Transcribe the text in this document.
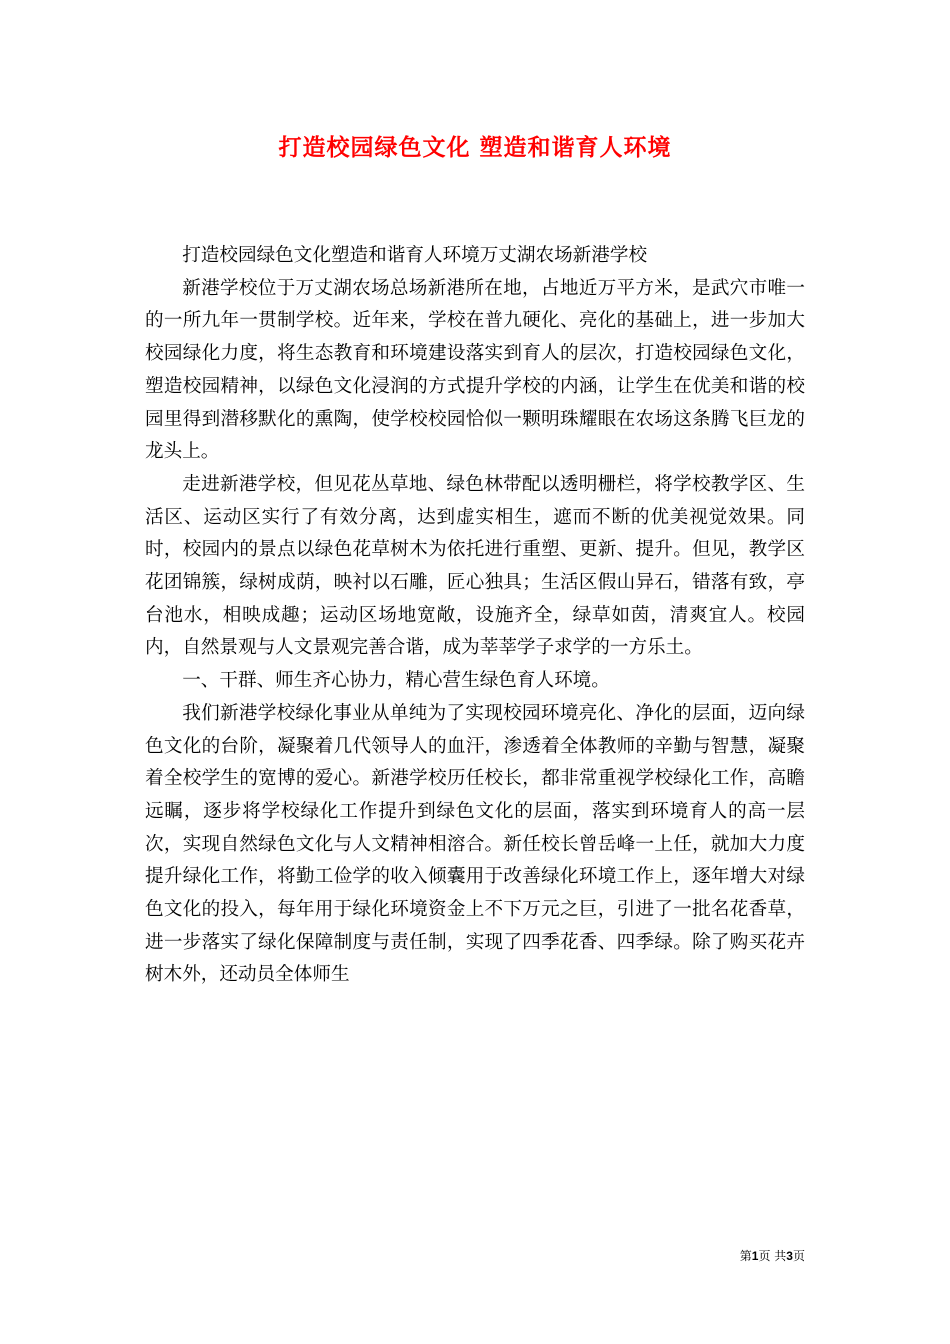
打造校园绿色文化 塑造和谐育人环境

打造校园绿色文化塑造和谐育人环境万丈湖农场新港学校

新港学校位于万丈湖农场总场新港所在地，占地近万平方米，是武穴市唯一的一所九年一贯制学校。近年来，学校在普九硬化、亮化的基础上，进一步加大校园绿化力度，将生态教育和环境建设落实到育人的层次，打造校园绿色文化，塑造校园精神，以绿色文化浸润的方式提升学校的内涵，让学生在优美和谐的校园里得到潜移默化的熏陶，使学校校园恰似一颗明珠耀眼在农场这条腾飞巨龙的龙头上。

走进新港学校，但见花丛草地、绿色林带配以透明栅栏，将学校教学区、生活区、运动区实行了有效分离，达到虚实相生，遮而不断的优美视觉效果。同时，校园内的景点以绿色花草树木为依托进行重塑、更新、提升。但见，教学区花团锦簇，绿树成荫，映衬以石雕，匠心独具；生活区假山异石，错落有致，亭台池水，相映成趣；运动区场地宽敞，设施齐全，绿草如茵，清爽宜人。校园内，自然景观与人文景观完善合谐，成为莘莘学子求学的一方乐土。

一、干群、师生齐心协力，精心营生绿色育人环境。

我们新港学校绿化事业从单纯为了实现校园环境亮化、净化的层面，迈向绿色文化的台阶，凝聚着几代领导人的血汗，渗透着全体教师的辛勤与智慧，凝聚着全校学生的宽博的爱心。新港学校历任校长，都非常重视学校绿化工作，高瞻远瞩，逐步将学校绿化工作提升到绿色文化的层面，落实到环境育人的高一层次，实现自然绿色文化与人文精神相溶合。新任校长曾岳峰一上任，就加大力度提升绿化工作，将勤工俭学的收入倾囊用于改善绿化环境工作上，逐年增大对绿色文化的投入，每年用于绿化环境资金上不下万元之巨，引进了一批名花香草，进一步落实了绿化保障制度与责任制，实现了四季花香、四季绿。除了购买花卉树木外，还动员全体师生

第1页 共3页
